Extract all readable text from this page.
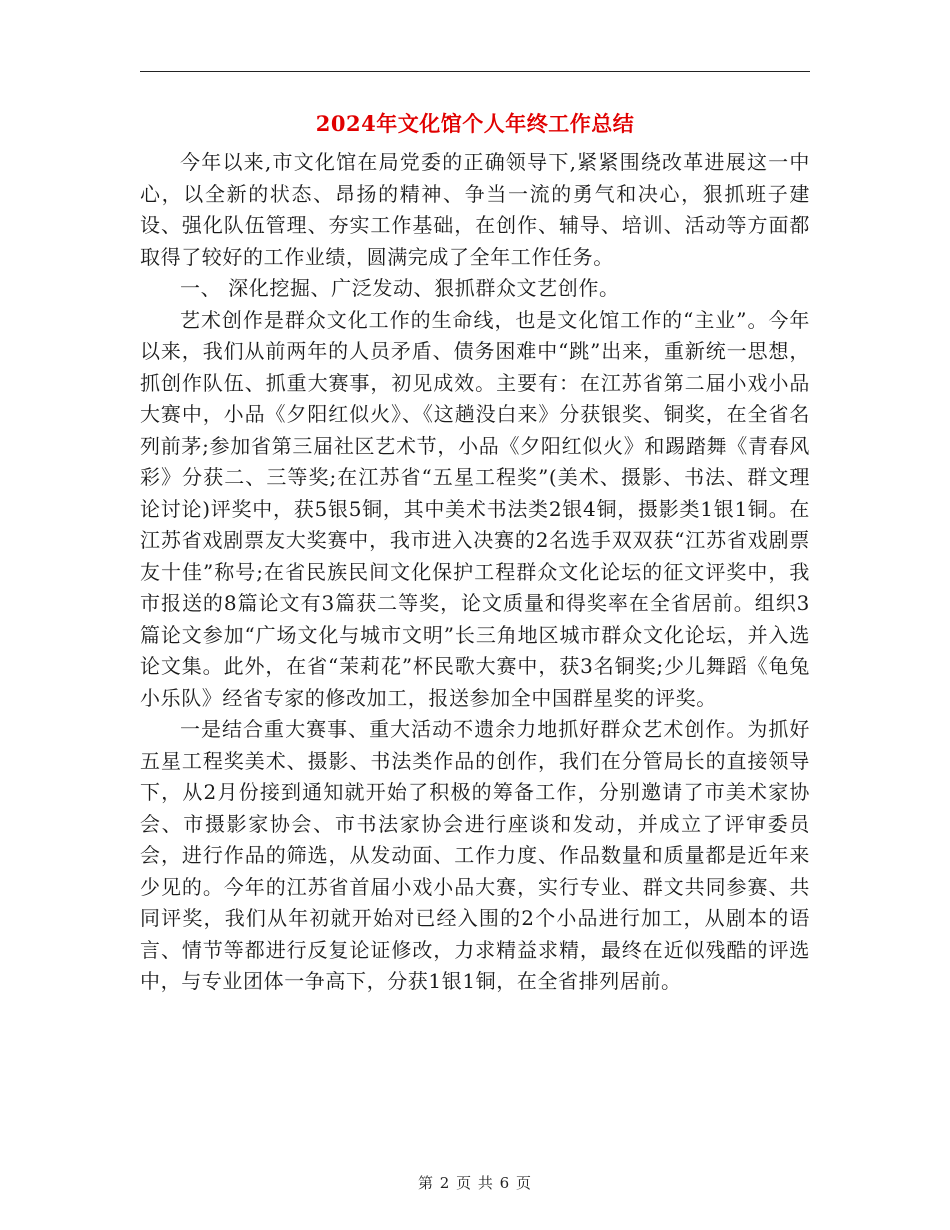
2024年文化馆个人年终工作总结

今年以来,市文化馆在局党委的正确领导下,紧紧围绕改革进展这一中心，以全新的状态、昂扬的精神、争当一流的勇气和决心，狠抓班子建设、强化队伍管理、夯实工作基础，在创作、辅导、培训、活动等方面都取得了较好的工作业绩，圆满完成了全年工作任务。

一、 深化挖掘、广泛发动、狠抓群众文艺创作。

艺术创作是群众文化工作的生命线，也是文化馆工作的“主业”。今年以来，我们从前两年的人员矛盾、债务困难中“跳”出来，重新统一思想，抓创作队伍、抓重大赛事，初见成效。主要有：在江苏省第二届小戏小品大赛中，小品《夕阳红似火》、《这趟没白来》分获银奖、铜奖，在全省名列前茅;参加省第三届社区艺术节，小品《夕阳红似火》和踢踏舞《青春风彩》分获二、三等奖;在江苏省“五星工程奖”(美术、摄影、书法、群文理论讨论)评奖中，获5银5铜，其中美术书法类2银4铜，摄影类1银1铜。在江苏省戏剧票友大奖赛中，我市进入决赛的2名选手双双获“江苏省戏剧票友十佳”称号;在省民族民间文化保护工程群众文化论坛的征文评奖中，我市报送的8篇论文有3篇获二等奖，论文质量和得奖率在全省居前。组织3篇论文参加“广场文化与城市文明”长三角地区城市群众文化论坛，并入选论文集。此外，在省“茉莉花”杯民歌大赛中，获3名铜奖;少儿舞蹈《龟兔小乐队》经省专家的修改加工，报送参加全中国群星奖的评奖。

一是结合重大赛事、重大活动不遗余力地抓好群众艺术创作。为抓好五星工程奖美术、摄影、书法类作品的创作，我们在分管局长的直接领导下，从2月份接到通知就开始了积极的筹备工作，分别邀请了市美术家协会、市摄影家协会、市书法家协会进行座谈和发动，并成立了评审委员会，进行作品的筛选，从发动面、工作力度、作品数量和质量都是近年来少见的。今年的江苏省首届小戏小品大赛，实行专业、群文共同参赛、共同评奖，我们从年初就开始对已经入围的2个小品进行加工，从剧本的语言、情节等都进行反复论证修改，力求精益求精，最终在近似残酷的评选中，与专业团体一争高下，分获1银1铜，在全省排列居前。

第 2 页 共 6 页
